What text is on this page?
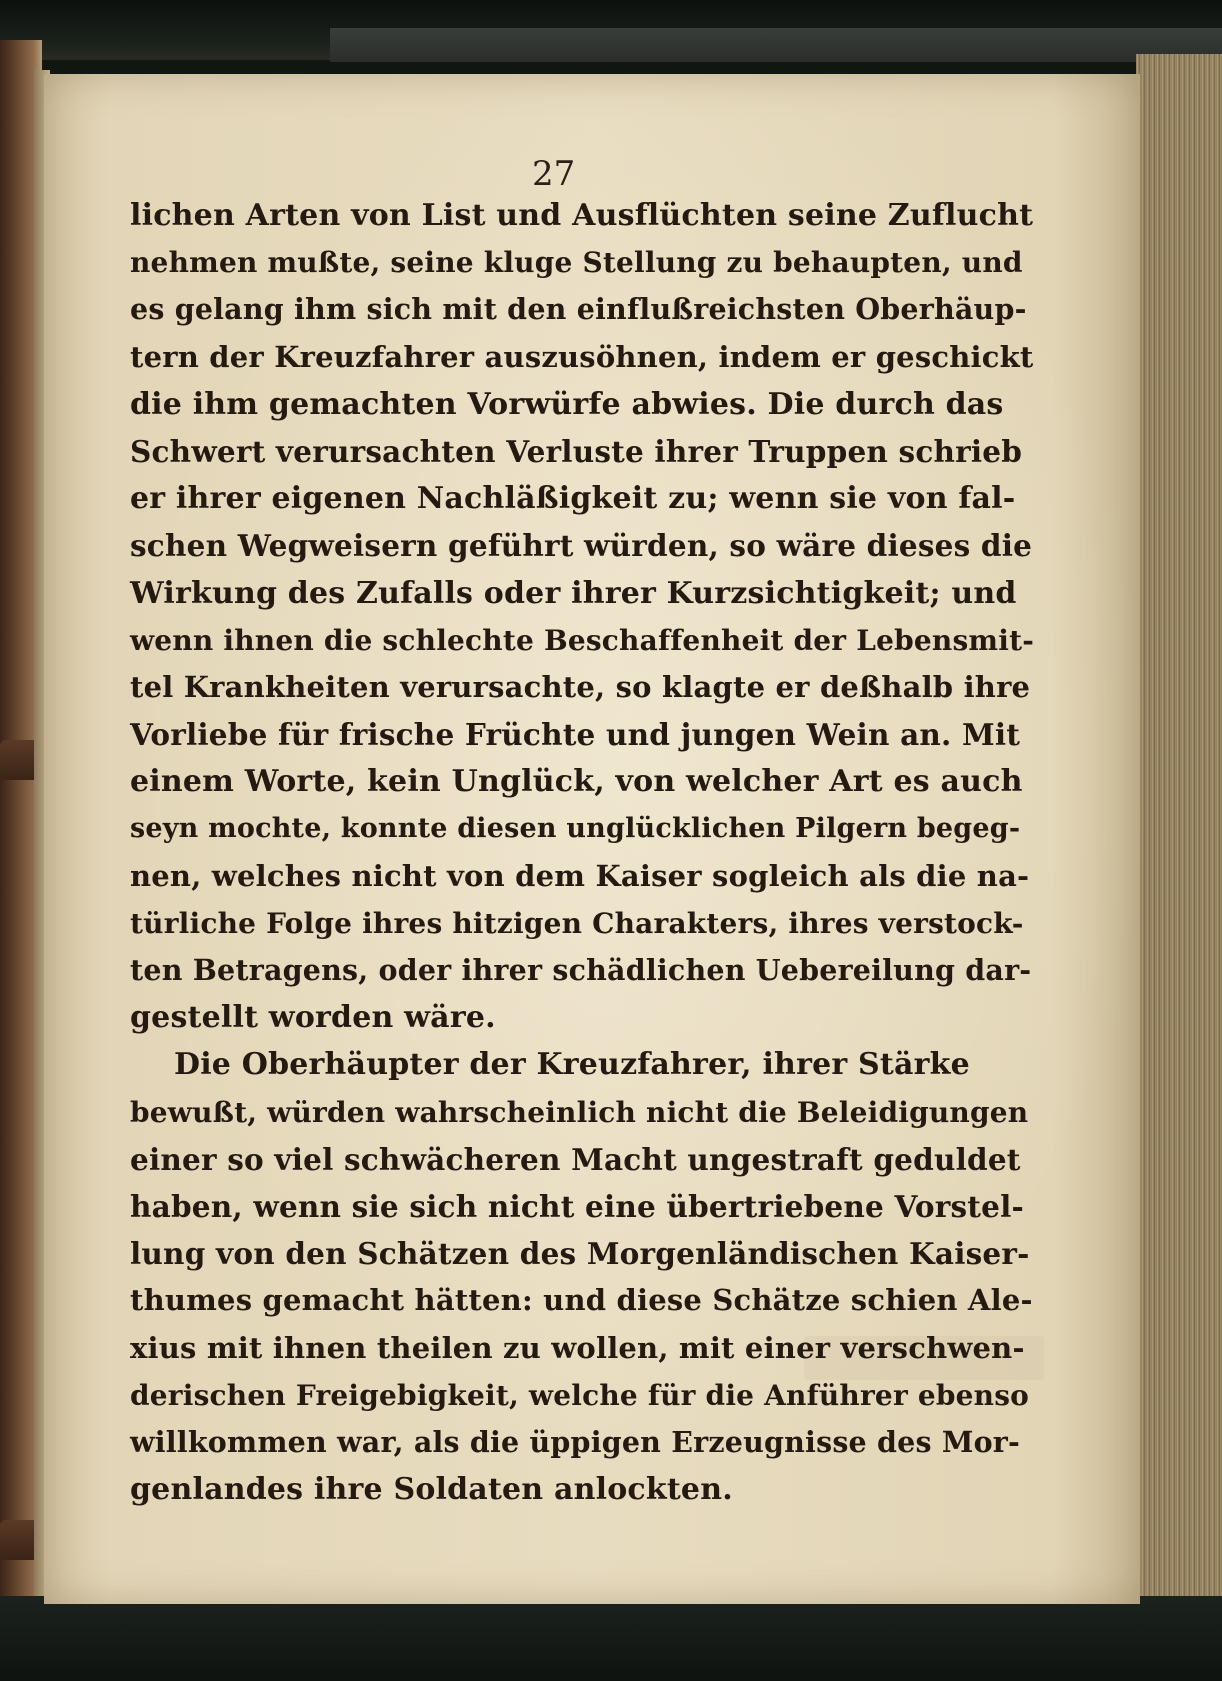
27
lichen Arten von List und Ausflüchten seine Zuflucht
nehmen mußte, seine kluge Stellung zu behaupten, und
es gelang ihm sich mit den einflußreichsten Oberhäup-
tern der Kreuzfahrer auszusöhnen, indem er geschickt
die ihm gemachten Vorwürfe abwies. Die durch das
Schwert verursachten Verluste ihrer Truppen schrieb
er ihrer eigenen Nachläßigkeit zu; wenn sie von fal-
schen Wegweisern geführt würden, so wäre dieses die
Wirkung des Zufalls oder ihrer Kurzsichtigkeit; und
wenn ihnen die schlechte Beschaffenheit der Lebensmit-
tel Krankheiten verursachte, so klagte er deßhalb ihre
Vorliebe für frische Früchte und jungen Wein an. Mit
einem Worte, kein Unglück, von welcher Art es auch
seyn mochte, konnte diesen unglücklichen Pilgern begeg-
nen, welches nicht von dem Kaiser sogleich als die na-
türliche Folge ihres hitzigen Charakters, ihres verstock-
ten Betragens, oder ihrer schädlichen Uebereilung dar-
gestellt worden wäre.
Die Oberhäupter der Kreuzfahrer, ihrer Stärke
bewußt, würden wahrscheinlich nicht die Beleidigungen
einer so viel schwächeren Macht ungestraft geduldet
haben, wenn sie sich nicht eine übertriebene Vorstel-
lung von den Schätzen des Morgenländischen Kaiser-
thumes gemacht hätten: und diese Schätze schien Ale-
xius mit ihnen theilen zu wollen, mit einer verschwen-
derischen Freigebigkeit, welche für die Anführer ebenso
willkommen war, als die üppigen Erzeugnisse des Mor-
genlandes ihre Soldaten anlockten.
